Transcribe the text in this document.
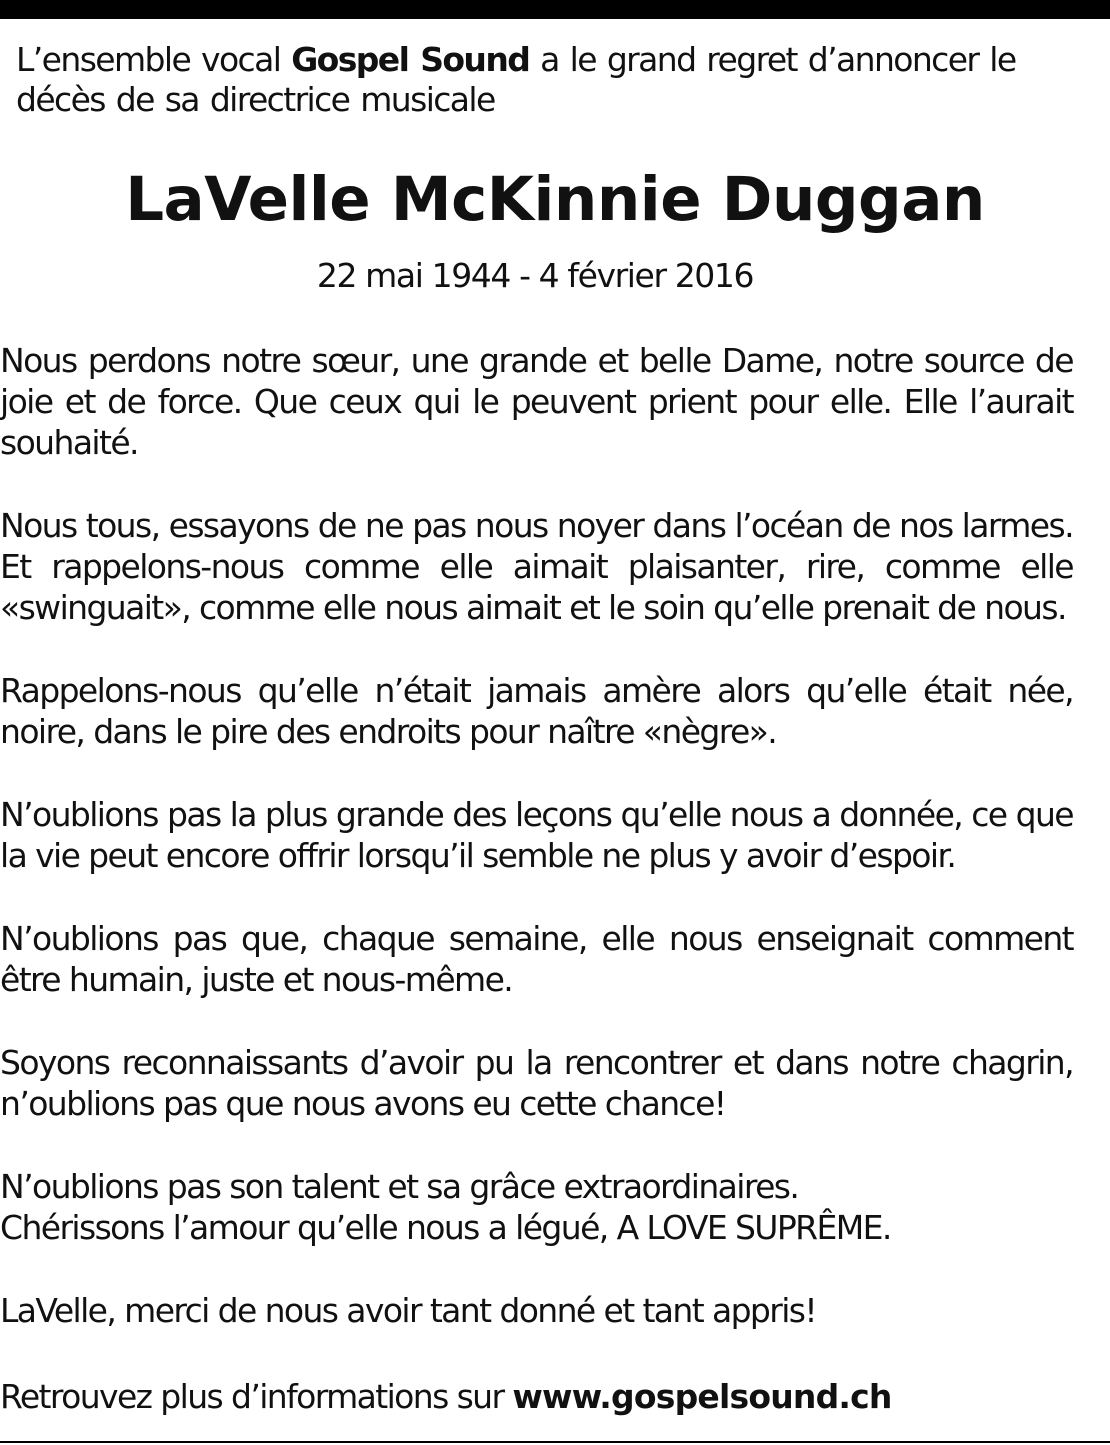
L’ensemble vocal Gospel Sound a le grand regret d’annoncer le décès de sa directrice musicale
LaVelle McKinnie Duggan
22 mai 1944 - 4 février 2016

Nous perdons notre sœur, une grande et belle Dame, notre source de joie et de force. Que ceux qui le peuvent prient pour elle. Elle l’aurait souhaité.

Nous tous, essayons de ne pas nous noyer dans l’océan de nos larmes. Et rappelons-nous comme elle aimait plaisanter, rire, comme elle «swinguait», comme elle nous aimait et le soin qu’elle prenait de nous.

Rappelons-nous qu’elle n’était jamais amère alors qu’elle était née, noire, dans le pire des endroits pour naître «nègre».

N’oublions pas la plus grande des leçons qu’elle nous a donnée, ce que la vie peut encore offrir lorsqu’il semble ne plus y avoir d’espoir.

N’oublions pas que, chaque semaine, elle nous enseignait comment être humain, juste et nous-même.

Soyons reconnaissants d’avoir pu la rencontrer et dans notre chagrin, n’oublions pas que nous avons eu cette chance!

N’oublions pas son talent et sa grâce extraordinaires.
Chérissons l’amour qu’elle nous a légué, A LOVE SUPRÊME.

LaVelle, merci de nous avoir tant donné et tant appris!

Retrouvez plus d’informations sur www.gospelsound.ch
